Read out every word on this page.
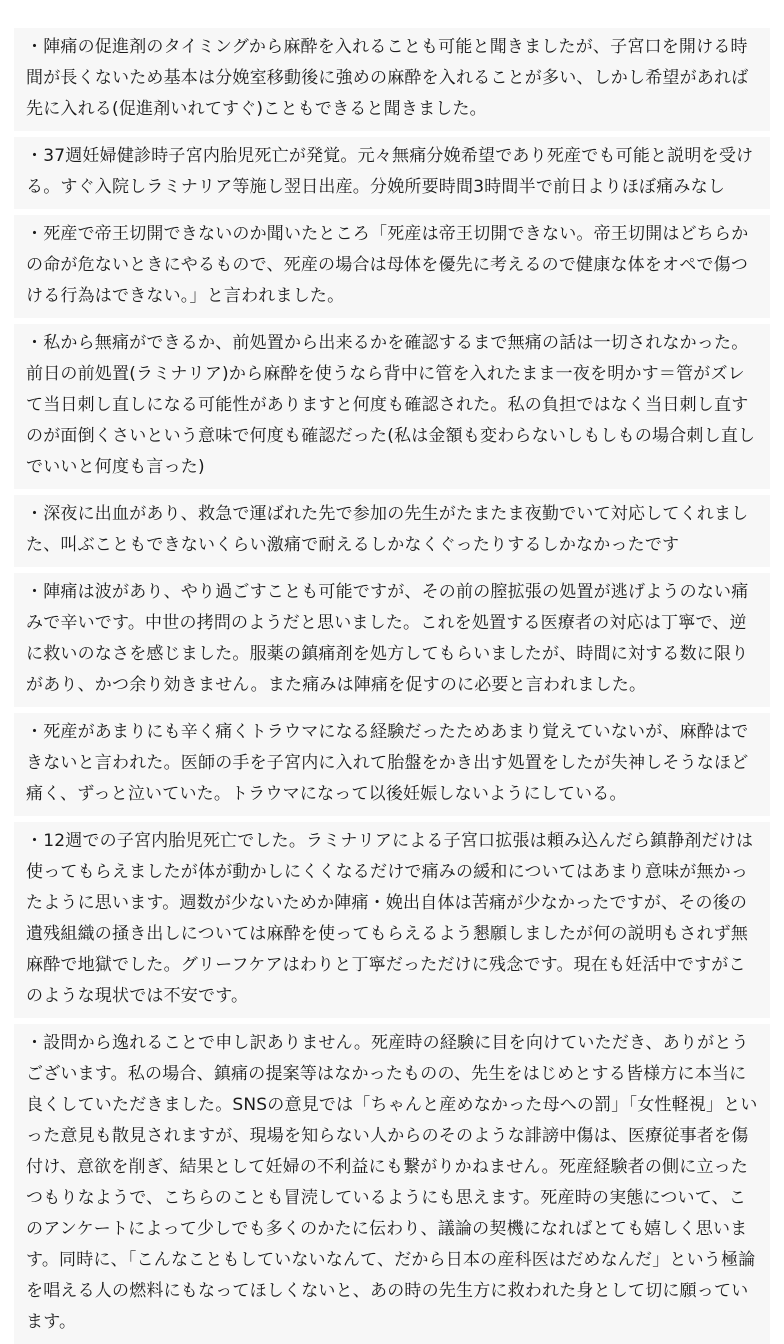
・陣痛の促進剤のタイミングから麻酔を入れることも可能と聞きましたが、子宮口を開ける時間が長くないため基本は分娩室移動後に強めの麻酔を入れることが多い、しかし希望があれば先に入れる(促進剤いれてすぐ)こともできると聞きました。

・37週妊婦健診時子宮内胎児死亡が発覚。元々無痛分娩希望であり死産でも可能と説明を受ける。すぐ入院しラミナリア等施し翌日出産。分娩所要時間3時間半で前日よりほぼ痛みなし

・死産で帝王切開できないのか聞いたところ「死産は帝王切開できない。帝王切開はどちらかの命が危ないときにやるもので、死産の場合は母体を優先に考えるので健康な体をオペで傷つける行為はできない。」と言われました。

・私から無痛ができるか、前処置から出来るかを確認するまで無痛の話は一切されなかった。前日の前処置(ラミナリア)から麻酔を使うなら背中に管を入れたまま一夜を明かす＝管がズレて当日刺し直しになる可能性がありますと何度も確認された。私の負担ではなく当日刺し直すのが面倒くさいという意味で何度も確認だった(私は金額も変わらないしもしもの場合刺し直しでいいと何度も言った)

・深夜に出血があり、救急で運ばれた先で参加の先生がたまたま夜勤でいて対応してくれました、叫ぶこともできないくらい激痛で耐えるしかなくぐったりするしかなかったです

・陣痛は波があり、やり過ごすことも可能ですが、その前の膣拡張の処置が逃げようのない痛みで辛いです。中世の拷問のようだと思いました。これを処置する医療者の対応は丁寧で、逆に救いのなさを感じました。服薬の鎮痛剤を処方してもらいましたが、時間に対する数に限りがあり、かつ余り効きません。また痛みは陣痛を促すのに必要と言われました。

・死産があまりにも辛く痛くトラウマになる経験だったためあまり覚えていないが、麻酔はできないと言われた。医師の手を子宮内に入れて胎盤をかき出す処置をしたが失神しそうなほど痛く、ずっと泣いていた。トラウマになって以後妊娠しないようにしている。

・12週での子宮内胎児死亡でした。ラミナリアによる子宮口拡張は頼み込んだら鎮静剤だけは使ってもらえましたが体が動かしにくくなるだけで痛みの緩和についてはあまり意味が無かったように思います。週数が少ないためか陣痛・娩出自体は苦痛が少なかったですが、その後の遺残組織の掻き出しについては麻酔を使ってもらえるよう懇願しましたが何の説明もされず無麻酔で地獄でした。グリーフケアはわりと丁寧だっただけに残念です。現在も妊活中ですがこのような現状では不安です。

・設問から逸れることで申し訳ありません。死産時の経験に目を向けていただき、ありがとうございます。私の場合、鎮痛の提案等はなかったものの、先生をはじめとする皆様方に本当に良くしていただきました。SNSの意見では「ちゃんと産めなかった母への罰」「女性軽視」といった意見も散見されますが、現場を知らない人からのそのような誹謗中傷は、医療従事者を傷付け、意欲を削ぎ、結果として妊婦の不利益にも繋がりかねません。死産経験者の側に立ったつもりなようで、こちらのことも冒涜しているようにも思えます。死産時の実態について、このアンケートによって少しでも多くのかたに伝わり、議論の契機になればとても嬉しく思います。同時に、「こんなこともしていないなんて、だから日本の産科医はだめなんだ」という極論を唱える人の燃料にもなってほしくないと、あの時の先生方に救われた身として切に願っています。
